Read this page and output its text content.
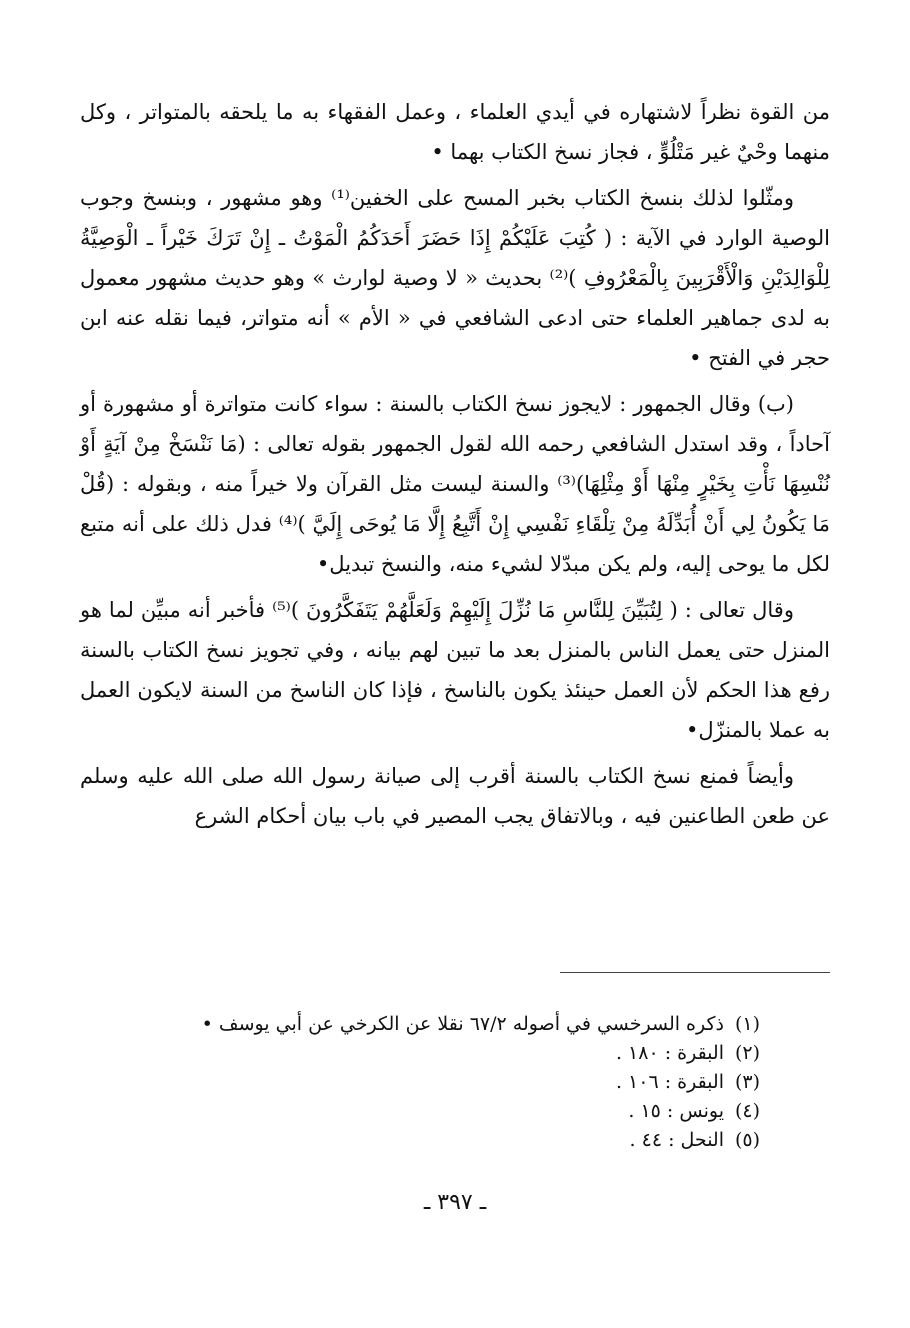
من القوة نظراً لاشتهاره في أيدي العلماء ، وعمل الفقهاء به ما يلحقه بالمتواتر ، وكل منهما وحْيٌ غير مَتْلُوٍّ ، فجاز نسخ الكتاب بهما •
ومثّلوا لذلك بنسخ الكتاب بخبر المسح على الخفين⁽¹⁾ وهو مشهور ، وبنسخ وجوب الوصية الوارد في الآية : ( كُتِبَ عَلَيْكُمْ إِذَا حَضَرَ أَحَدَكُمُ الْمَوْتُ ـ إِنْ تَرَكَ خَيْراً ـ الْوَصِيَّةُ لِلْوَالِدَيْنِ وَالْأَقْرَبِينَ بِالْمَعْرُوفِ )⁽²⁾ بحديث « لا وصية لوارث » وهو حديث مشهور معمول به لدى جماهير العلماء حتى ادعى الشافعي في « الأم » أنه متواتر، فيما نقله عنه ابن حجر في الفتح •
(ب) وقال الجمهور : لايجوز نسخ الكتاب بالسنة : سواء كانت متواترة أو مشهورة أو آحاداً ، وقد استدل الشافعي رحمه الله لقول الجمهور بقوله تعالى : (مَا نَنْسَخْ مِنْ آيَةٍ أَوْ نُنْسِهَا نَأْتِ بِخَيْرٍ مِنْهَا أَوْ مِثْلِهَا)⁽³⁾ والسنة ليست مثل القرآن ولا خيراً منه ، وبقوله : (قُلْ مَا يَكُونُ لِي أَنْ أُبَدِّلَهُ مِنْ تِلْقَاءِ نَفْسِي إِنْ أَتَّبِعُ إِلَّا مَا يُوحَى إِلَيَّ )⁽⁴⁾ فدل ذلك على أنه متبع لكل ما يوحى إليه، ولم يكن مبدّلا لشيء منه، والنسخ تبديل•
وقال تعالى : ( لِتُبَيِّنَ لِلنَّاسِ مَا نُزِّلَ إِلَيْهِمْ وَلَعَلَّهُمْ يَتَفَكَّرُونَ )⁽⁵⁾ فأخبر أنه مبيِّن لما هو المنزل حتى يعمل الناس بالمنزل بعد ما تبين لهم بيانه ، وفي تجويز نسخ الكتاب بالسنة رفع هذا الحكم لأن العمل حينئذ يكون بالناسخ ، فإذا كان الناسخ من السنة لايكون العمل به عملا بالمنزّل•
وأيضاً فمنع نسخ الكتاب بالسنة أقرب إلى صيانة رسول الله صلى الله عليه وسلم عن طعن الطاعنين فيه ، وبالاتفاق يجب المصير في باب بيان أحكام الشرع
(١)
ذكره السرخسي في أصوله ٦٧/٢ نقلا عن الكرخي عن أبي يوسف •
(٢)
البقرة : ١٨٠ .
(٣)
البقرة : ١٠٦ .
(٤)
يونس : ١٥ .
(٥)
النحل : ٤٤ .
ـ ٣٩٧ ـ
